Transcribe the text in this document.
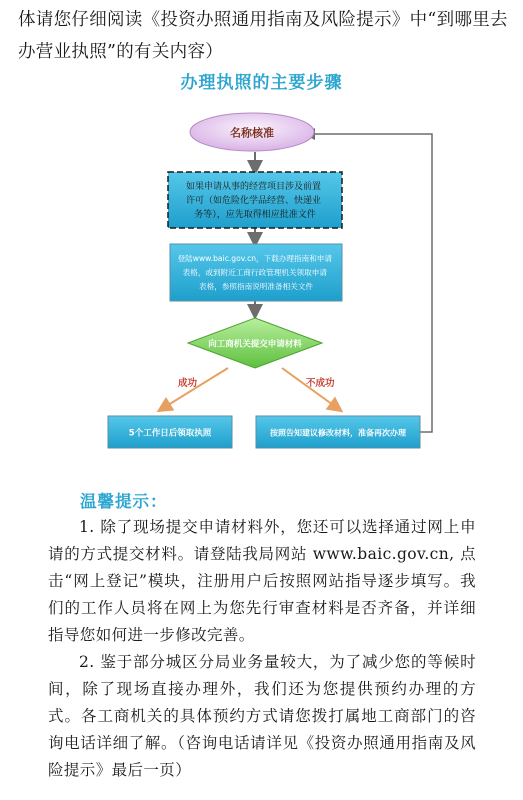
体请您仔细阅读《投资办照通用指南及风险提示》中“到哪里去办营业执照”的有关内容）
办理执照的主要步骤
名称核准
如果申请从事的经营项目涉及前置 许可（如危险化学品经营、快递业 务等），应先取得相应批准文件
登陆www.baic.gov.cn，下载办理指南和申请 表格，或到附近工商行政管理机关领取申请 表格，参照指南说明准备相关文件
向工商机关提交申请材料
成功	不成功
5个工作日后领取执照	按照告知建议修改材料，准备再次办理
温馨提示：

1. 除了现场提交申请材料外，您还可以选择通过网上申请的方式提交材料。请登陆我局网站 www.baic.gov.cn, 点击“网上登记”模块，注册用户后按照网站指导逐步填写。我们的工作人员将在网上为您先行审查材料是否齐备，并详细指导您如何进一步修改完善。

2. 鉴于部分城区分局业务量较大，为了减少您的等候时间，除了现场直接办理外，我们还为您提供预约办理的方式。各工商机关的具体预约方式请您拨打属地工商部门的咨询电话详细了解。（咨询电话请详见《投资办照通用指南及风险提示》最后一页）
